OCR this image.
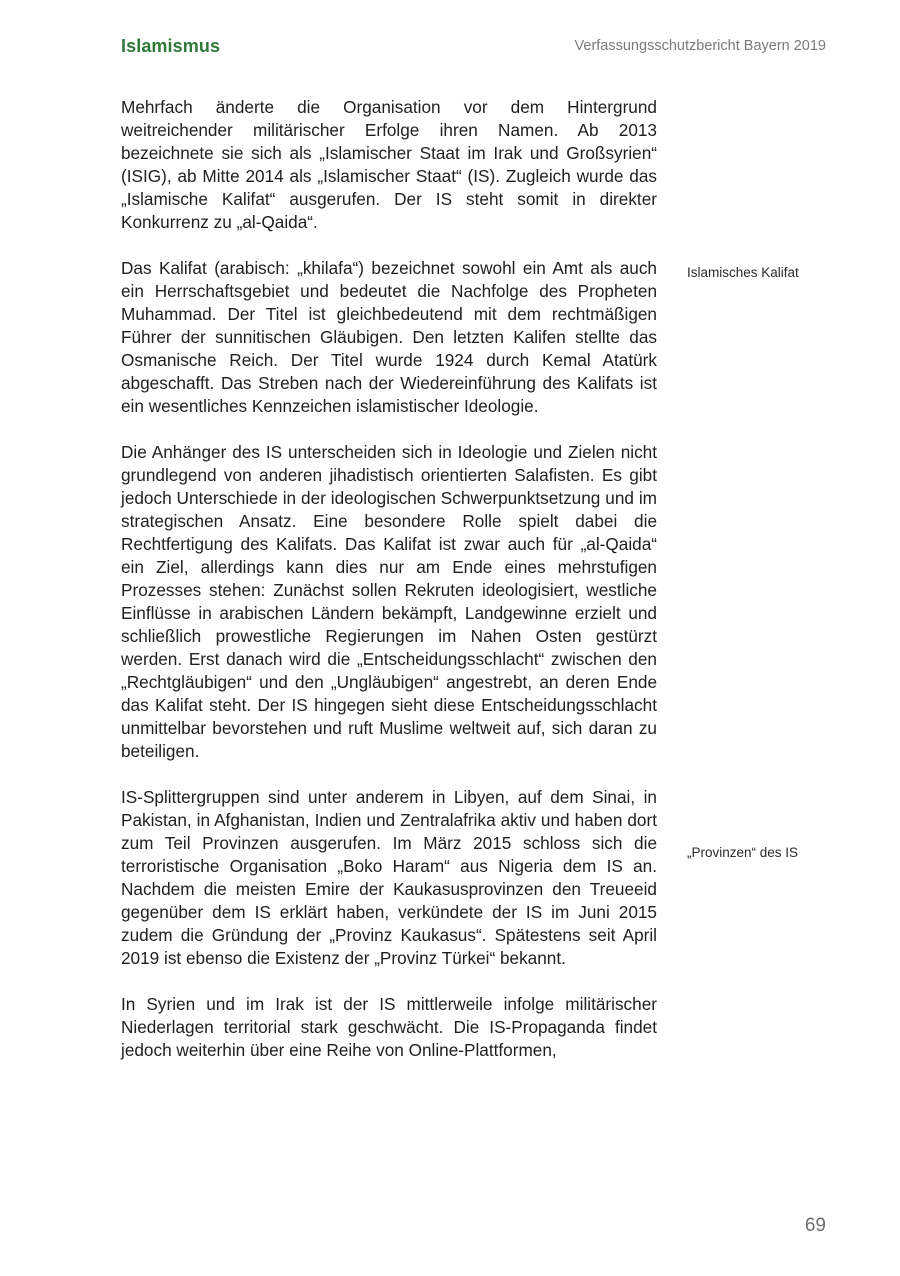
Islamismus	Verfassungsschutzbericht Bayern 2019

Mehrfach änderte die Organisation vor dem Hintergrund weitreichender militärischer Erfolge ihren Namen. Ab 2013 bezeichnete sie sich als „Islamischer Staat im Irak und Großsyrien“ (ISIG), ab Mitte 2014 als „Islamischer Staat“ (IS). Zugleich wurde das „Islamische Kalifat“ ausgerufen. Der IS steht somit in direkter Konkurrenz zu „al-Qaida“.

Das Kalifat (arabisch: „khilafa“) bezeichnet sowohl ein Amt als auch ein Herrschaftsgebiet und bedeutet die Nachfolge des Propheten Muhammad. Der Titel ist gleichbedeutend mit dem rechtmäßigen Führer der sunnitischen Gläubigen. Den letzten Kalifen stellte das Osmanische Reich. Der Titel wurde 1924 durch Kemal Atatürk abgeschafft. Das Streben nach der Wiedereinführung des Kalifats ist ein wesentliches Kennzeichen islamistischer Ideologie.

Die Anhänger des IS unterscheiden sich in Ideologie und Zielen nicht grundlegend von anderen jihadistisch orientierten Salafisten. Es gibt jedoch Unterschiede in der ideologischen Schwerpunktsetzung und im strategischen Ansatz. Eine besondere Rolle spielt dabei die Rechtfertigung des Kalifats. Das Kalifat ist zwar auch für „al-Qaida“ ein Ziel, allerdings kann dies nur am Ende eines mehrstufigen Prozesses stehen: Zunächst sollen Rekruten ideologisiert, westliche Einflüsse in arabischen Ländern bekämpft, Landgewinne erzielt und schließlich prowestliche Regierungen im Nahen Osten gestürzt werden. Erst danach wird die „Entscheidungsschlacht“ zwischen den „Rechtgläubigen“ und den „Ungläubigen“ angestrebt, an deren Ende das Kalifat steht. Der IS hingegen sieht diese Entscheidungsschlacht unmittelbar bevorstehen und ruft Muslime weltweit auf, sich daran zu beteiligen.

IS-Splittergruppen sind unter anderem in Libyen, auf dem Sinai, in Pakistan, in Afghanistan, Indien und Zentralafrika aktiv und haben dort zum Teil Provinzen ausgerufen. Im März 2015 schloss sich die terroristische Organisation „Boko Haram“ aus Nigeria dem IS an. Nachdem die meisten Emire der Kaukasusprovinzen den Treueeid gegenüber dem IS erklärt haben, verkündete der IS im Juni 2015 zudem die Gründung der „Provinz Kaukasus“. Spätestens seit April 2019 ist ebenso die Existenz der „Provinz Türkei“ bekannt.

In Syrien und im Irak ist der IS mittlerweile infolge militärischer Niederlagen territorial stark geschwächt. Die IS-Propaganda findet jedoch weiterhin über eine Reihe von Online-Plattformen,

Islamisches Kalifat
„Provinzen“ des IS
69
